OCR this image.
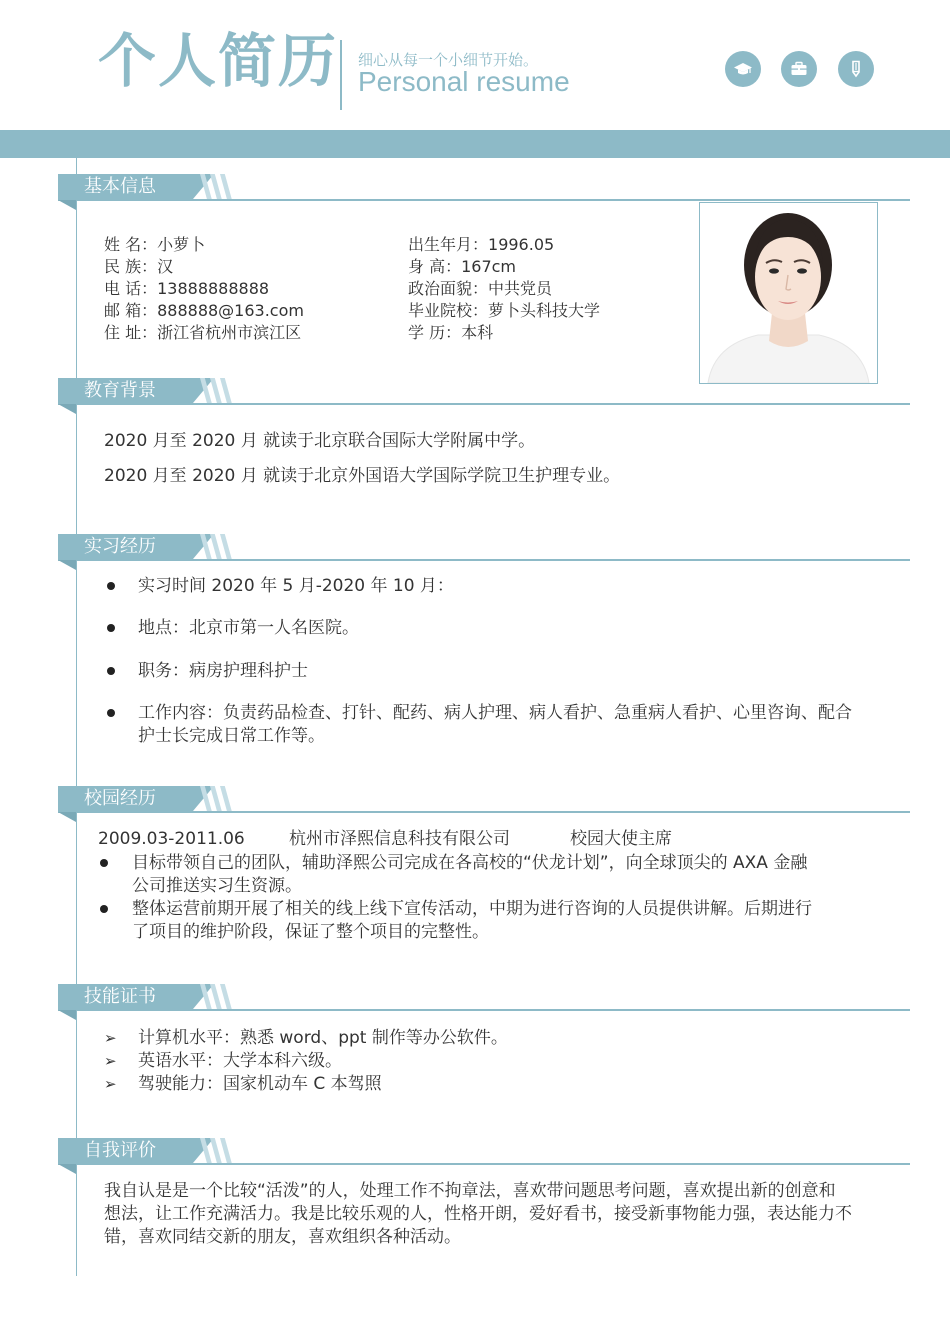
个人简历 细心从每一个小细节开始。
Personal resume
基本信息
姓 名：小萝卜
民 族：汉
电 话：13888888888
邮 箱：888888@163.com
住 址：浙江省杭州市滨江区
出生年月：1996.05
身 高：167cm
政治面貌：中共党员
毕业院校：萝卜头科技大学
学 历：本科
教育背景
2020 月至 2020 月 就读于北京联合国际大学附属中学。
2020 月至 2020 月 就读于北京外国语大学国际学院卫生护理专业。
实习经历
实习时间 2020 年 5 月-2020 年 10 月：
地点：北京市第一人名医院。
职务：病房护理科护士
工作内容：负责药品检查、打针、配药、病人护理、病人看护、急重病人看护、心里咨询、配合
护士长完成日常工作等。
校园经历
2009.03-2011.06	杭州市泽熙信息科技有限公司	校园大使主席
目标带领自己的团队，辅助泽熙公司完成在各高校的“伏龙计划”，向全球顶尖的 AXA 金融
公司推送实习生资源。
整体运营前期开展了相关的线上线下宣传活动，中期为进行咨询的人员提供讲解。后期进行
了项目的维护阶段，保证了整个项目的完整性。
技能证书
➢ 计算机水平：熟悉 word、ppt 制作等办公软件。
➢ 英语水平：大学本科六级。
➢ 驾驶能力：国家机动车 C 本驾照
自我评价
我自认是是一个比较“活泼”的人，处理工作不拘章法，喜欢带问题思考问题，喜欢提出新的创意和
想法，让工作充满活力。我是比较乐观的人，性格开朗，爱好看书，接受新事物能力强，表达能力不
错，喜欢同结交新的朋友，喜欢组织各种活动。
